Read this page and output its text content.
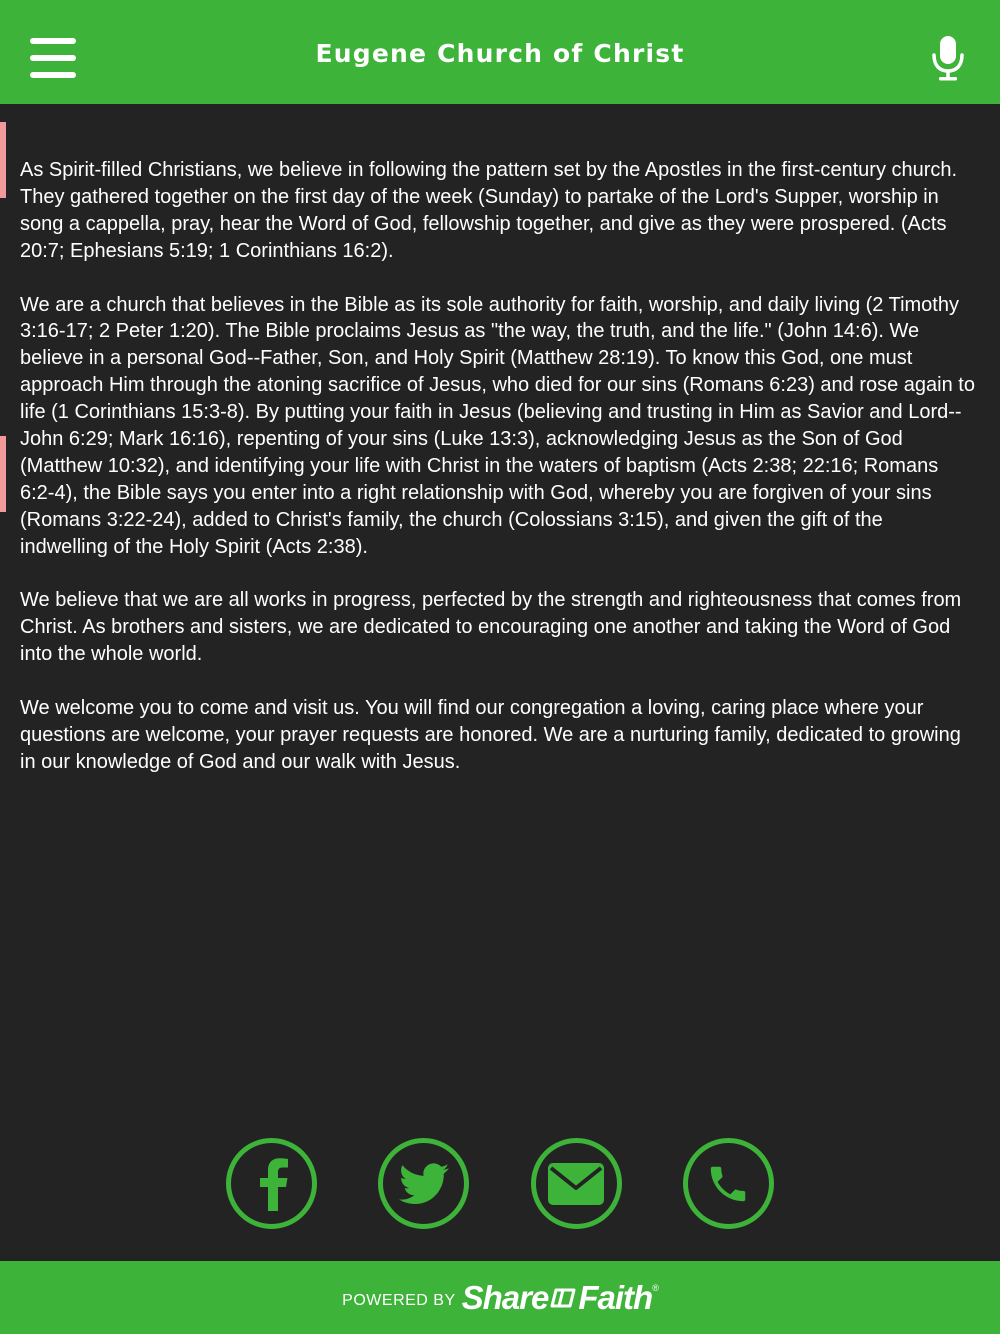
Eugene Church of Christ

As Spirit-filled Christians, we believe in following the pattern set by the Apostles in the first-century church. They gathered together on the first day of the week (Sunday) to partake of the Lord's Supper, worship in song a cappella, pray, hear the Word of God, fellowship together, and give as they were prospered. (Acts 20:7; Ephesians 5:19; 1 Corinthians 16:2).

We are a church that believes in the Bible as its sole authority for faith, worship, and daily living (2 Timothy 3:16-17; 2 Peter 1:20). The Bible proclaims Jesus as "the way, the truth, and the life." (John 14:6). We believe in a personal God--Father, Son, and Holy Spirit (Matthew 28:19). To know this God, one must approach Him through the atoning sacrifice of Jesus, who died for our sins (Romans 6:23) and rose again to life (1 Corinthians 15:3-8). By putting your faith in Jesus (believing and trusting in Him as Savior and Lord--John 6:29; Mark 16:16), repenting of your sins (Luke 13:3), acknowledging Jesus as the Son of God (Matthew 10:32), and identifying your life with Christ in the waters of baptism (Acts 2:38; 22:16; Romans 6:2-4), the Bible says you enter into a right relationship with God, whereby you are forgiven of your sins (Romans 3:22-24), added to Christ's family, the church (Colossians 3:15), and given the gift of the indwelling of the Holy Spirit (Acts 2:38).

We believe that we are all works in progress, perfected by the strength and righteousness that comes from Christ. As brothers and sisters, we are dedicated to encouraging one another and taking the Word of God into the whole world.

We welcome you to come and visit us. You will find our congregation a loving, caring place where your questions are welcome, your prayer requests are honored. We are a nurturing family, dedicated to growing in our knowledge of God and our walk with Jesus.

POWERED BY Share Faith ®
